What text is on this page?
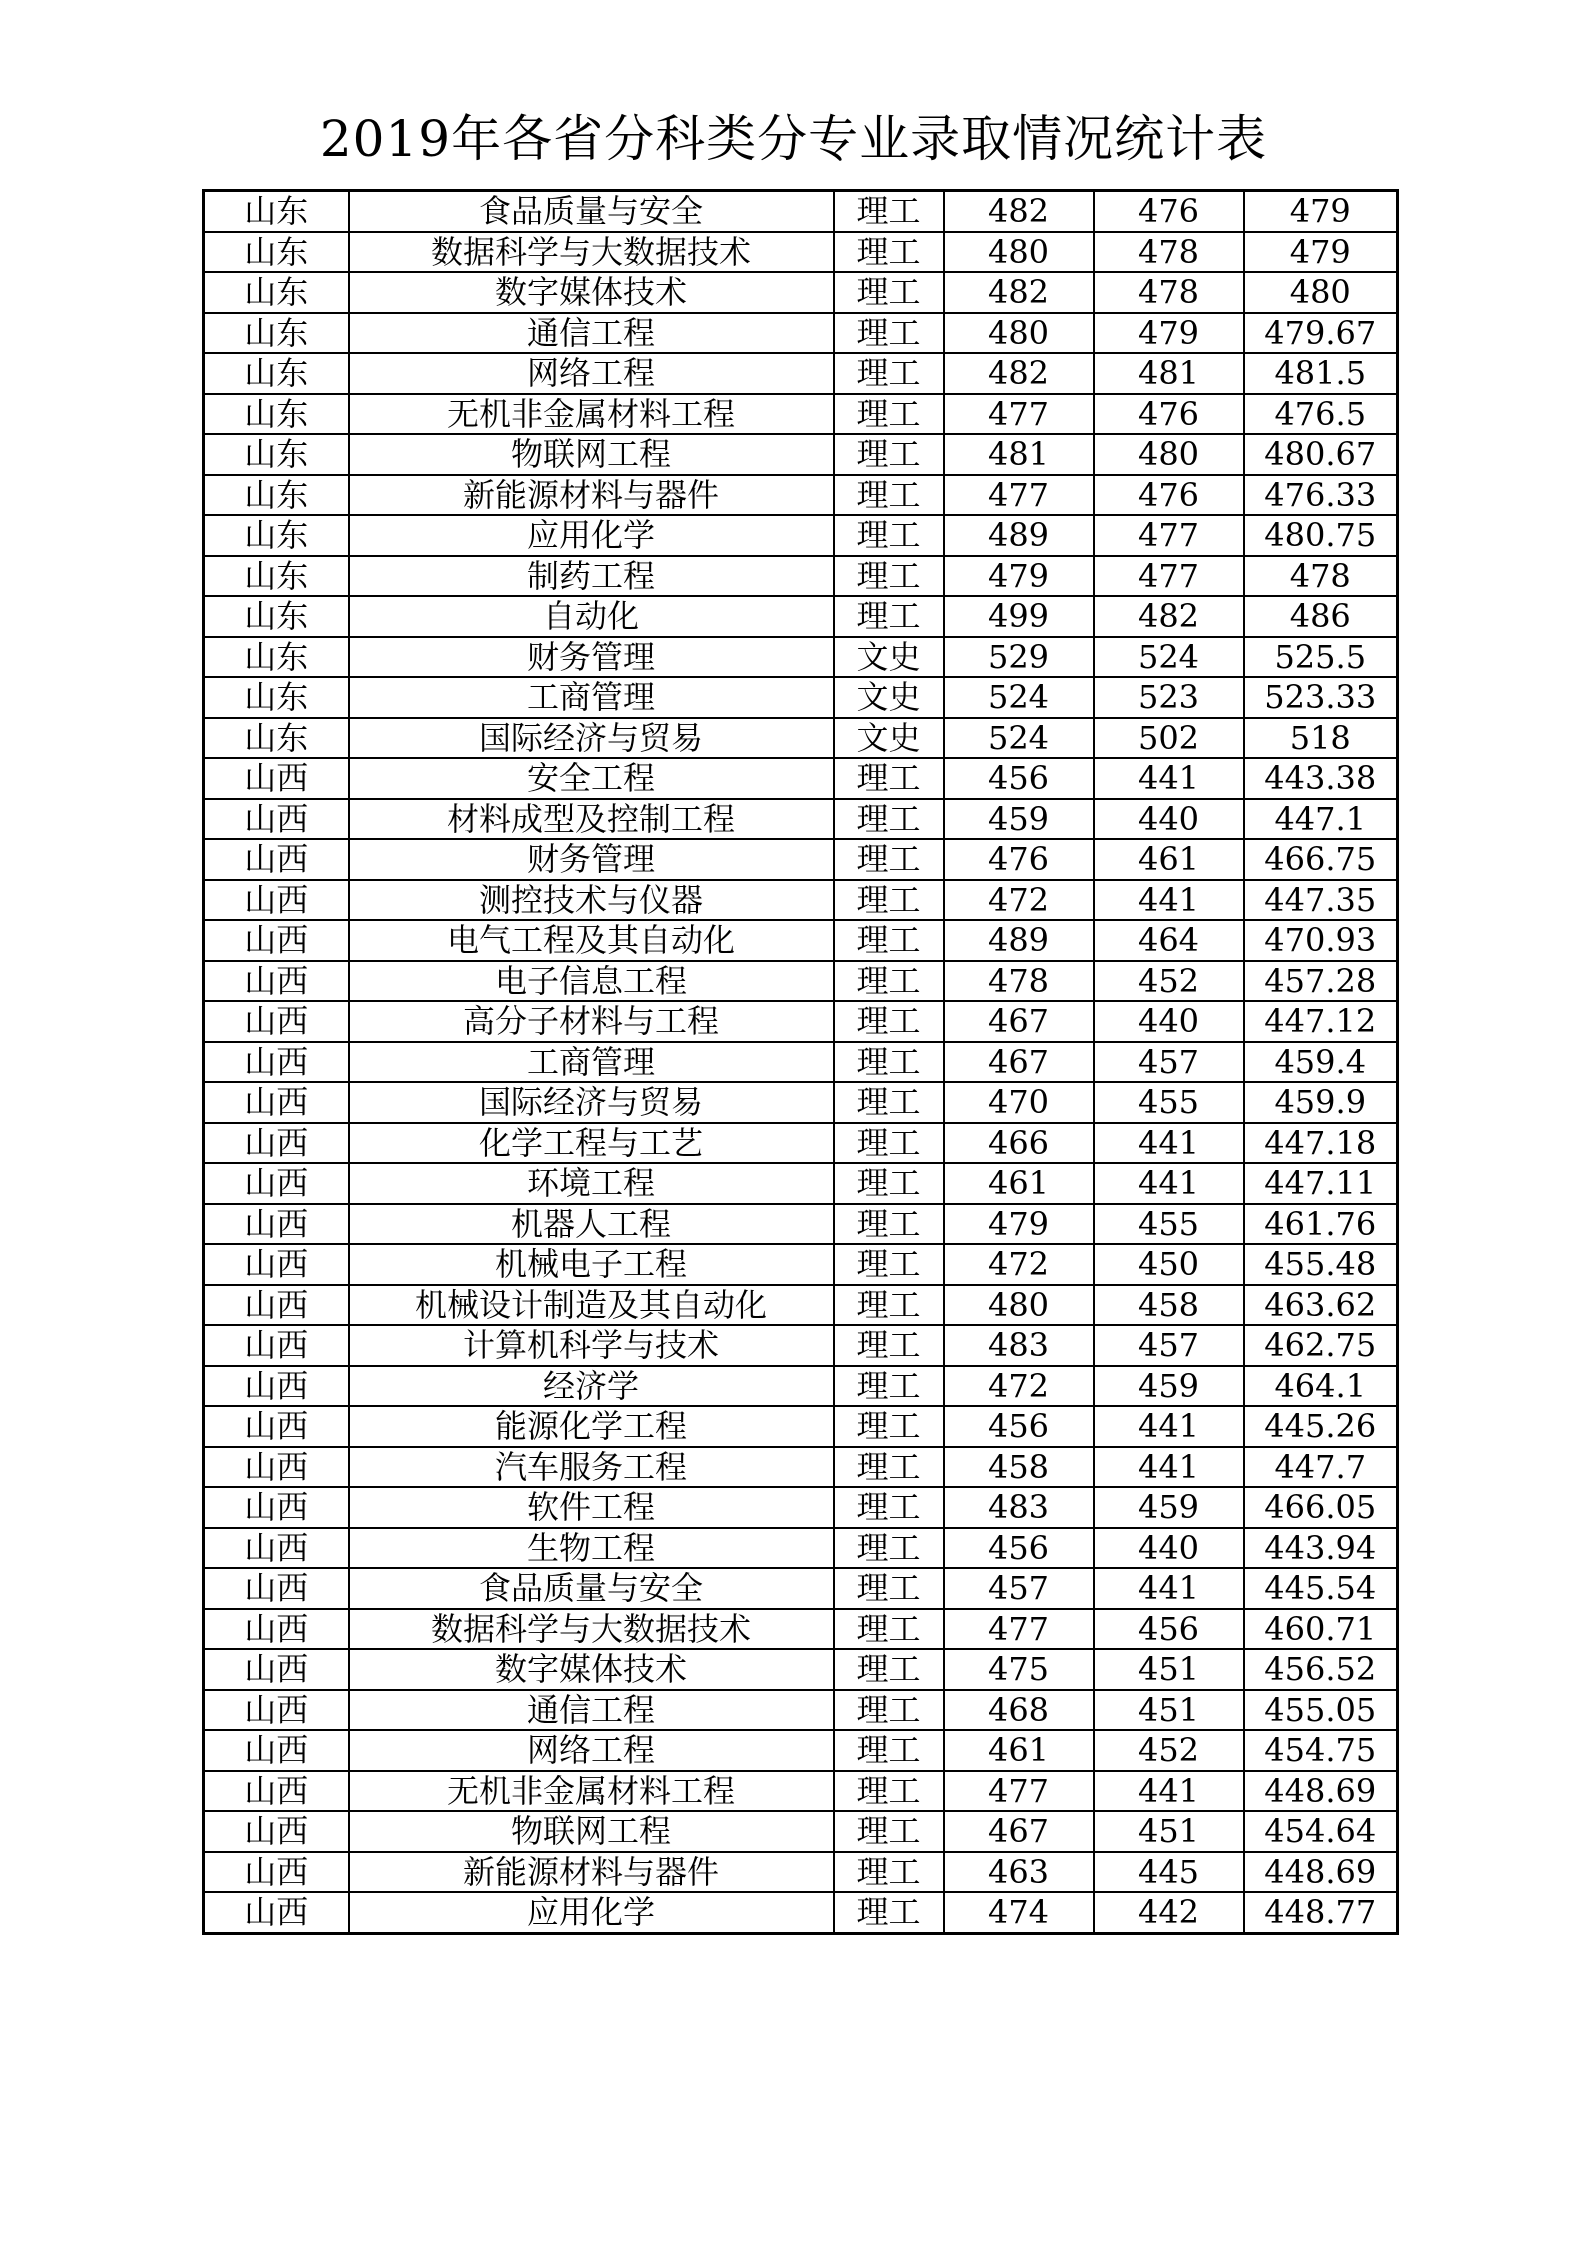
2019年各省分科类分专业录取情况统计表
山东	食品质量与安全	理工	482	476	479
山东	数据科学与大数据技术	理工	480	478	479
山东	数字媒体技术	理工	482	478	480
山东	通信工程	理工	480	479	479.67
山东	网络工程	理工	482	481	481.5
山东	无机非金属材料工程	理工	477	476	476.5
山东	物联网工程	理工	481	480	480.67
山东	新能源材料与器件	理工	477	476	476.33
山东	应用化学	理工	489	477	480.75
山东	制药工程	理工	479	477	478
山东	自动化	理工	499	482	486
山东	财务管理	文史	529	524	525.5
山东	工商管理	文史	524	523	523.33
山东	国际经济与贸易	文史	524	502	518
山西	安全工程	理工	456	441	443.38
山西	材料成型及控制工程	理工	459	440	447.1
山西	财务管理	理工	476	461	466.75
山西	测控技术与仪器	理工	472	441	447.35
山西	电气工程及其自动化	理工	489	464	470.93
山西	电子信息工程	理工	478	452	457.28
山西	高分子材料与工程	理工	467	440	447.12
山西	工商管理	理工	467	457	459.4
山西	国际经济与贸易	理工	470	455	459.9
山西	化学工程与工艺	理工	466	441	447.18
山西	环境工程	理工	461	441	447.11
山西	机器人工程	理工	479	455	461.76
山西	机械电子工程	理工	472	450	455.48
山西	机械设计制造及其自动化	理工	480	458	463.62
山西	计算机科学与技术	理工	483	457	462.75
山西	经济学	理工	472	459	464.1
山西	能源化学工程	理工	456	441	445.26
山西	汽车服务工程	理工	458	441	447.7
山西	软件工程	理工	483	459	466.05
山西	生物工程	理工	456	440	443.94
山西	食品质量与安全	理工	457	441	445.54
山西	数据科学与大数据技术	理工	477	456	460.71
山西	数字媒体技术	理工	475	451	456.52
山西	通信工程	理工	468	451	455.05
山西	网络工程	理工	461	452	454.75
山西	无机非金属材料工程	理工	477	441	448.69
山西	物联网工程	理工	467	451	454.64
山西	新能源材料与器件	理工	463	445	448.69
山西	应用化学	理工	474	442	448.77
